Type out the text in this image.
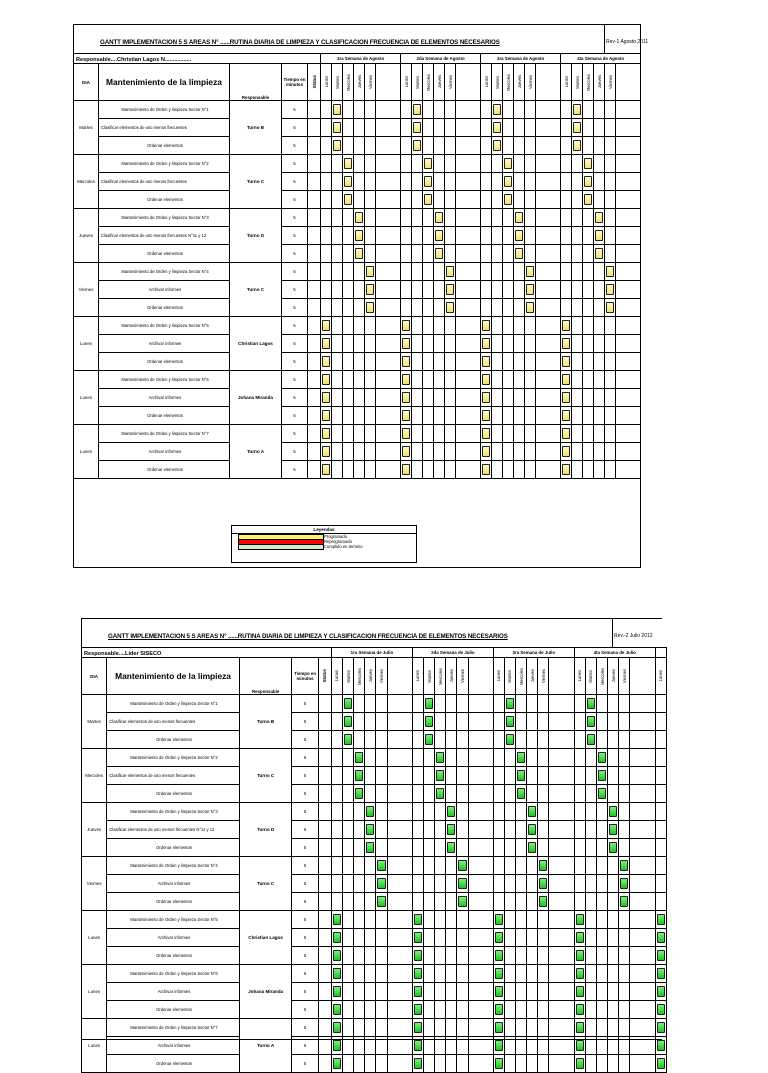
GANTT IMPLEMENTACION 5 S AREAS N° ......RUTINA DIARIA DE LIMPIEZA Y CLASIFICACION FRECUENCIA DE ELEMENTOS NECESARIOS	Rev-1 Agosto 2011
Responsable....Christian Lagos N.................
					1ra Semana de Agosto						2da Semana de Agosto						3ra Semana de Agosto						4ta Semana de Agosto					
DIA	Mantenimiento de la limpieza	Responsable	Tiempo en minutos	Status	Lunes	Martes	Mercoles	Jueves	Viernes		Lunes	Martes	Mercoles	Jueves	Viernes		Lunes	Martes	Mercoles	Jueves	Viernes		Lunes	Martes	Mercoles	Jueves	Viernes	

Martes	Mantenimiento de Orden y limpieza Sector N°1	Turno B	5			

	Clasificar elementos de uso menos frecuentes		5			

	Ordenar elementos		5			

Mercoles	Mantenimiento de Orden y limpieza Sector N°2	Turno C	5				

	Clasificar elementos de uso menos frecuentes		5				

	Ordenar elementos		5				

Jueves	Mantenimiento de Orden y limpieza Sector N°3	Turno D	5					

	Clasificar elementos de uso menos frecuentes N°11 y 12		5					

	Ordenar elementos		5					

Viernes	Mantenimiento de Orden y limpieza Sector N°4	Turno C	5						

	Archivar informes		5						

	Ordenar elementos		5						

Lunes	Mantenimiento de Orden y limpieza Sector N°5	Christian Lagos	5		

	Archivar informes		5		

	Ordenar elementos		5		

Lunes	Mantenimiento de Orden y limpieza Sector N°6	Johana Miranda	5		

	Archivar informes		5		

	Ordenar elementos		5		

Lunes	Mantenimiento de Orden y limpieza Sector N°7	Turno A	5		

	Archivar informes		5		

	Ordenar elementos		5		

Leyendas
Programado
Reprogramado
Cumplido en termino
GANTT IMPLEMENTACION 5 S AREAS N° ......RUTINA DIARIA DE LIMPIEZA Y CLASIFICACION FRECUENCIA DE ELEMENTOS NECESARIOS	Rev.-2 Julio 2012
Responsable....Lider SISECO
					1ra Semana de Julio						2da Semana de Julio						3ra Semana de Julio						4ta Semana de Julio						
DIA	Mantenimiento de la limpieza	Responsable	Tiempo en minutos	Status	Lunes	Martes	Mercoles	Jueves	Viernes		Lunes	Martes	Mercoles	Jueves	Viernes		Lunes	Martes	Mercoles	Jueves	Viernes		Lunes	Martes	Mercoles	Jueves	Viernes		Lunes

Martes	Mantenimiento de Orden y limpieza Sector N°1	Turno B	5			

	Clasificar elementos de uso menos frecuentes		5			

	Ordenar elementos		5			

Mercoles	Mantenimiento de Orden y limpieza Sector N°2	Turno C	5				

	Clasificar elementos de uso menos frecuentes		5				

	Ordenar elementos		5				

Jueves	Mantenimiento de Orden y limpieza Sector N°3	Turno D	5					

	Clasificar elementos de uso menos frecuentes N°11 y 12		5					

	Ordenar elementos		5					

Viernes	Mantenimiento de Orden y limpieza Sector N°4	Turno C	5						

	Archivar informes		5						

	Ordenar elementos		5						

Lunes	Mantenimiento de Orden y limpieza Sector N°5	Christian Lagos	5		

	Archivar informes		5		

	Ordenar elementos		5		

Lunes	Mantenimiento de Orden y limpieza Sector N°6	Johana Miranda	5		

	Archivar informes		5		

	Ordenar elementos		5		

Lunes	Mantenimiento de Orden y limpieza Sector N°7	Turno A	5		

	Archivar informes		5		

	Ordenar elementos		5		
